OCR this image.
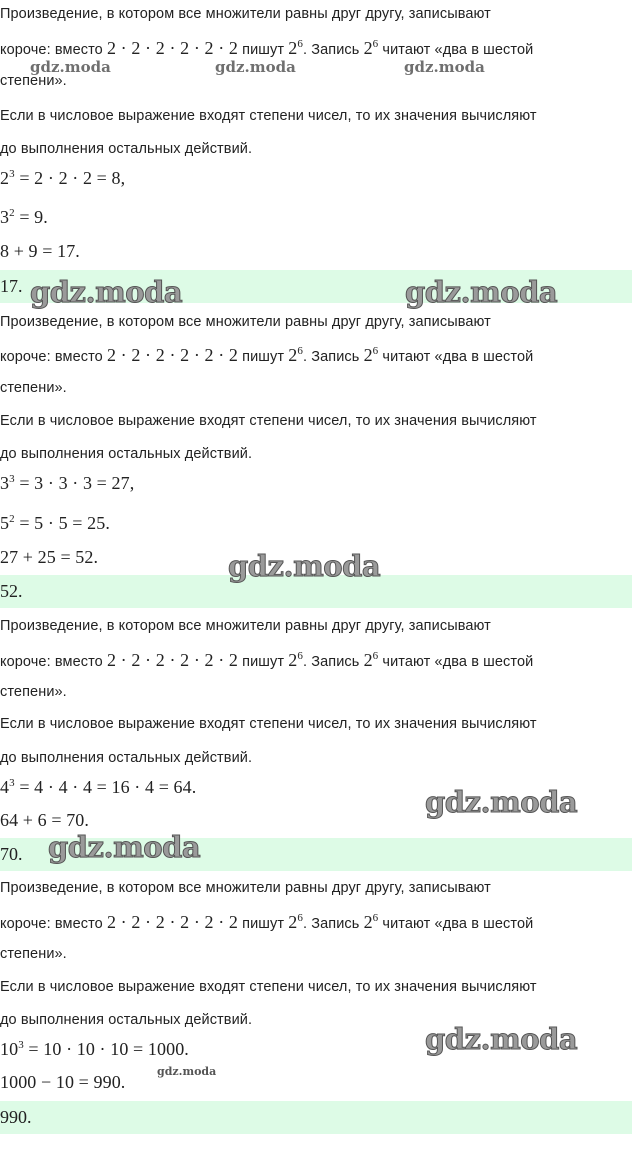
Произведение, в котором все множители равны друг другу, записывают
короче: вместо 2 · 2 · 2 · 2 · 2 · 2 пишут $2^6$. Запись $2^6$ читают «два в шестой
степени».
Если в числовое выражение входят степени чисел, то их значения вычисляют
до выполнения остальных действий.
$2^3 = 2 \cdot 2 \cdot 2 = 8$,
$3^2 = 9$.
8 + 9 = 17.
17.
Произведение, в котором все множители равны друг другу, записывают
короче: вместо 2 · 2 · 2 · 2 · 2 · 2 пишут $2^6$. Запись $2^6$ читают «два в шестой
степени».
Если в числовое выражение входят степени чисел, то их значения вычисляют
до выполнения остальных действий.
$3^3 = 3 \cdot 3 \cdot 3 = 27$,
$5^2 = 5 \cdot 5 = 25$.
27 + 25 = 52.
52.
Произведение, в котором все множители равны друг другу, записывают
короче: вместо 2 · 2 · 2 · 2 · 2 · 2 пишут $2^6$. Запись $2^6$ читают «два в шестой
степени».
Если в числовое выражение входят степени чисел, то их значения вычисляют
до выполнения остальных действий.
$4^3 = 4 \cdot 4 \cdot 4 = 16 \cdot 4 = 64$.
64 + 6 = 70.
70.
Произведение, в котором все множители равны друг другу, записывают
короче: вместо 2 · 2 · 2 · 2 · 2 · 2 пишут $2^6$. Запись $2^6$ читают «два в шестой
степени».
Если в числовое выражение входят степени чисел, то их значения вычисляют
до выполнения остальных действий.
$10^3 = 10 \cdot 10 \cdot 10 = 1000$.
1000 − 10 = 990.
990.
gdz.moda	gdz.moda	gdz.moda
gdz.moda	gdz.moda
gdz.moda
gdz.moda
gdz.moda
gdz.moda
gdz.moda
